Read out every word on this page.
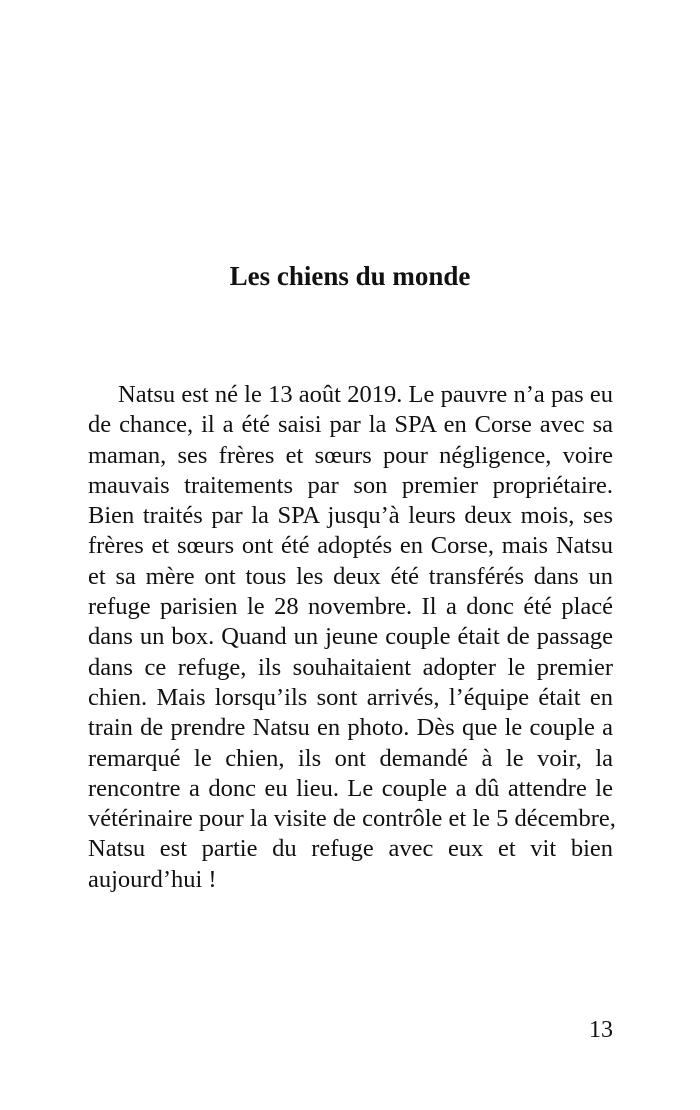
Les chiens du monde
Natsu est né le 13 août 2019. Le pauvre n’a pas eu
de chance, il a été saisi par la SPA en Corse avec sa
maman, ses frères et sœurs pour négligence, voire
mauvais traitements par son premier propriétaire.
Bien traités par la SPA jusqu’à leurs deux mois, ses
frères et sœurs ont été adoptés en Corse, mais Natsu
et sa mère ont tous les deux été transférés dans un
refuge parisien le 28 novembre. Il a donc été placé
dans un box. Quand un jeune couple était de passage
dans ce refuge, ils souhaitaient adopter le premier
chien. Mais lorsqu’ils sont arrivés, l’équipe était en
train de prendre Natsu en photo. Dès que le couple a
remarqué le chien, ils ont demandé à le voir, la
rencontre a donc eu lieu. Le couple a dû attendre le
vétérinaire pour la visite de contrôle et le 5 décembre,
Natsu est partie du refuge avec eux et vit bien
aujourd’hui !
13
